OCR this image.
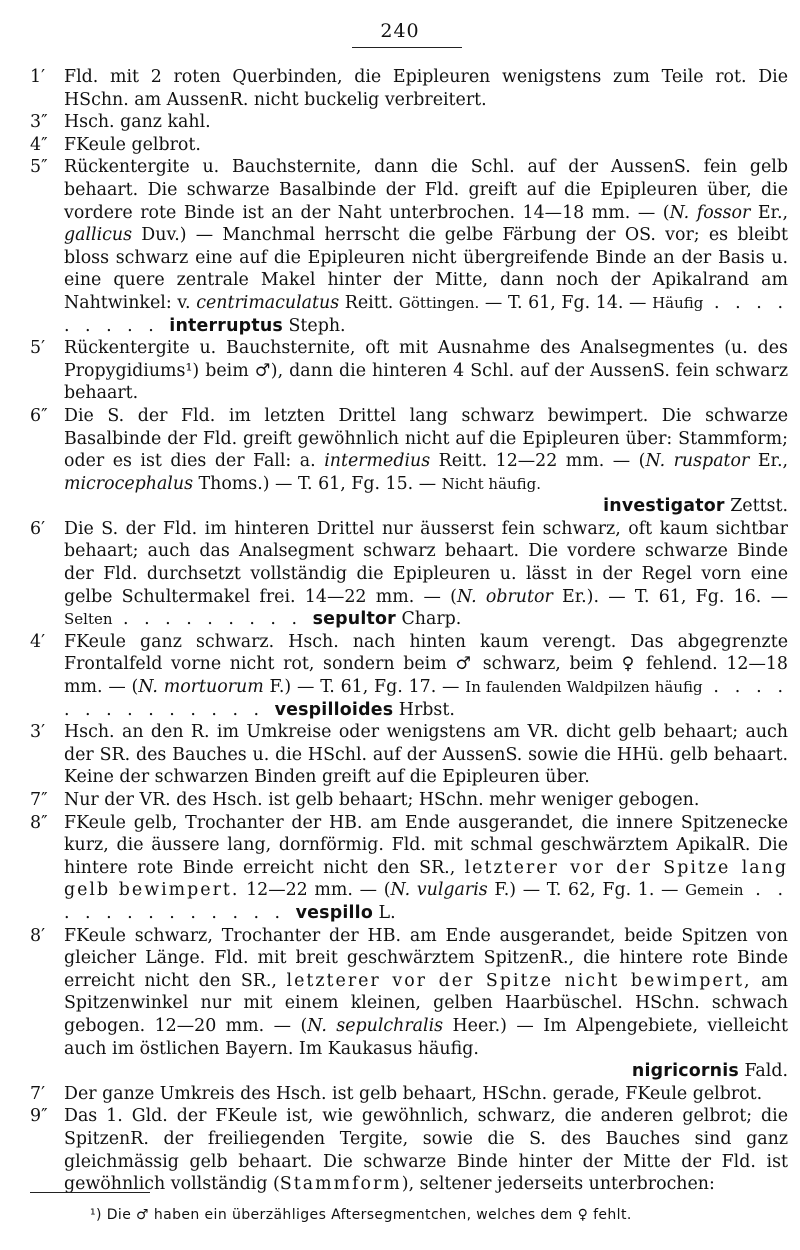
240
1′	Fld. mit 2 roten Querbinden, die Epipleuren wenigstens zum Teile rot. Die HSchn. am AussenR. nicht buckelig verbreitert.
3″ Hsch. ganz kahl.
4″ FKeule gelbrot.
5″ Rückentergite u. Bauchsternite, dann die Schl. auf der AussenS. fein gelb behaart. Die schwarze Basalbinde der Fld. greift auf die Epipleuren über, die vordere rote Binde ist an der Naht unterbrochen. 14—18 mm. — (N. fossor Er., gallicus Duv.) — Manchmal herrscht die gelbe Färbung der OS. vor; es bleibt bloss schwarz eine auf die Epipleuren nicht übergreifende Binde an der Basis u. eine quere zentrale Makel hinter der Mitte, dann noch der Apikalrand am Nahtwinkel: v. centrimaculatus Reitt. Göttingen. — T. 61, Fg. 14. — Häufig . . . . . . . . . interruptus Steph.
5′	Rückentergite u. Bauchsternite, oft mit Ausnahme des Analsegmentes (u. des Propygidiums¹) beim ♂), dann die hinteren 4 Schl. auf der AussenS. fein schwarz behaart.
6″ Die S. der Fld. im letzten Drittel lang schwarz bewimpert. Die schwarze Basalbinde der Fld. greift gewöhnlich nicht auf die Epipleuren über: Stammform; oder es ist dies der Fall: a. intermedius Reitt. 12—22 mm. — (N. ruspator Er., microcephalus Thoms.) — T. 61, Fg. 15. — Nicht häufig.

investigator Zettst.
6′	Die S. der Fld. im hinteren Drittel nur äusserst fein schwarz, oft kaum sichtbar behaart; auch das Analsegment schwarz behaart. Die vordere schwarze Binde der Fld. durchsetzt vollständig die Epipleuren u. lässt in der Regel vorn eine gelbe Schultermakel frei. 14—22 mm. — (N. obrutor Er.). — T. 61, Fg. 16. — Selten . . . . . . . . . sepultor Charp.
4′	FKeule ganz schwarz. Hsch. nach hinten kaum verengt. Das abgegrenzte Frontalfeld vorne nicht rot, sondern beim ♂ schwarz, beim ♀ fehlend. 12—18 mm. — (N. mortuorum F.) — T. 61, Fg. 17. — In faulenden Waldpilzen häufig . . . . . . . . . . . . . . vespilloides Hrbst.
3′	Hsch. an den R. im Umkreise oder wenigstens am VR. dicht gelb behaart; auch der SR. des Bauches u. die HSchl. auf der AussenS. sowie die HHü. gelb behaart. Keine der schwarzen Binden greift auf die Epipleuren über.
7″ Nur der VR. des Hsch. ist gelb behaart; HSchn. mehr weniger gebogen.
8″ FKeule gelb, Trochanter der HB. am Ende ausgerandet, die innere Spitzenecke kurz, die äussere lang, dornförmig. Fld. mit schmal geschwärztem ApikalR. Die hintere rote Binde erreicht nicht den SR., letzterer vor der Spitze lang gelb bewimpert. 12—22 mm. — (N. vulgaris F.) — T. 62, Fg. 1. — Gemein . . . . . . . . . . . . . vespillo L.
8′	FKeule schwarz, Trochanter der HB. am Ende ausgerandet, beide Spitzen von gleicher Länge. Fld. mit breit geschwärztem SpitzenR., die hintere rote Binde erreicht nicht den SR., letzterer vor der Spitze nicht bewimpert, am Spitzenwinkel nur mit einem kleinen, gelben Haarbüschel. HSchn. schwach gebogen. 12—20 mm. — (N. sepulchralis Heer.) — Im Alpengebiete, vielleicht auch im östlichen Bayern. Im Kaukasus häufig.

nigricornis Fald.
7′	Der ganze Umkreis des Hsch. ist gelb behaart, HSchn. gerade, FKeule gelbrot.
9″ Das 1. Gld. der FKeule ist, wie gewöhnlich, schwarz, die anderen gelbrot; die SpitzenR. der freiliegenden Tergite, sowie die S. des Bauches sind ganz gleichmässig gelb behaart. Die schwarze Binde hinter der Mitte der Fld. ist gewöhnlich vollständig (Stammform), seltener jederseits unterbrochen:
¹) Die ♂ haben ein überzähliges Aftersegmentchen, welches dem ♀ fehlt.
